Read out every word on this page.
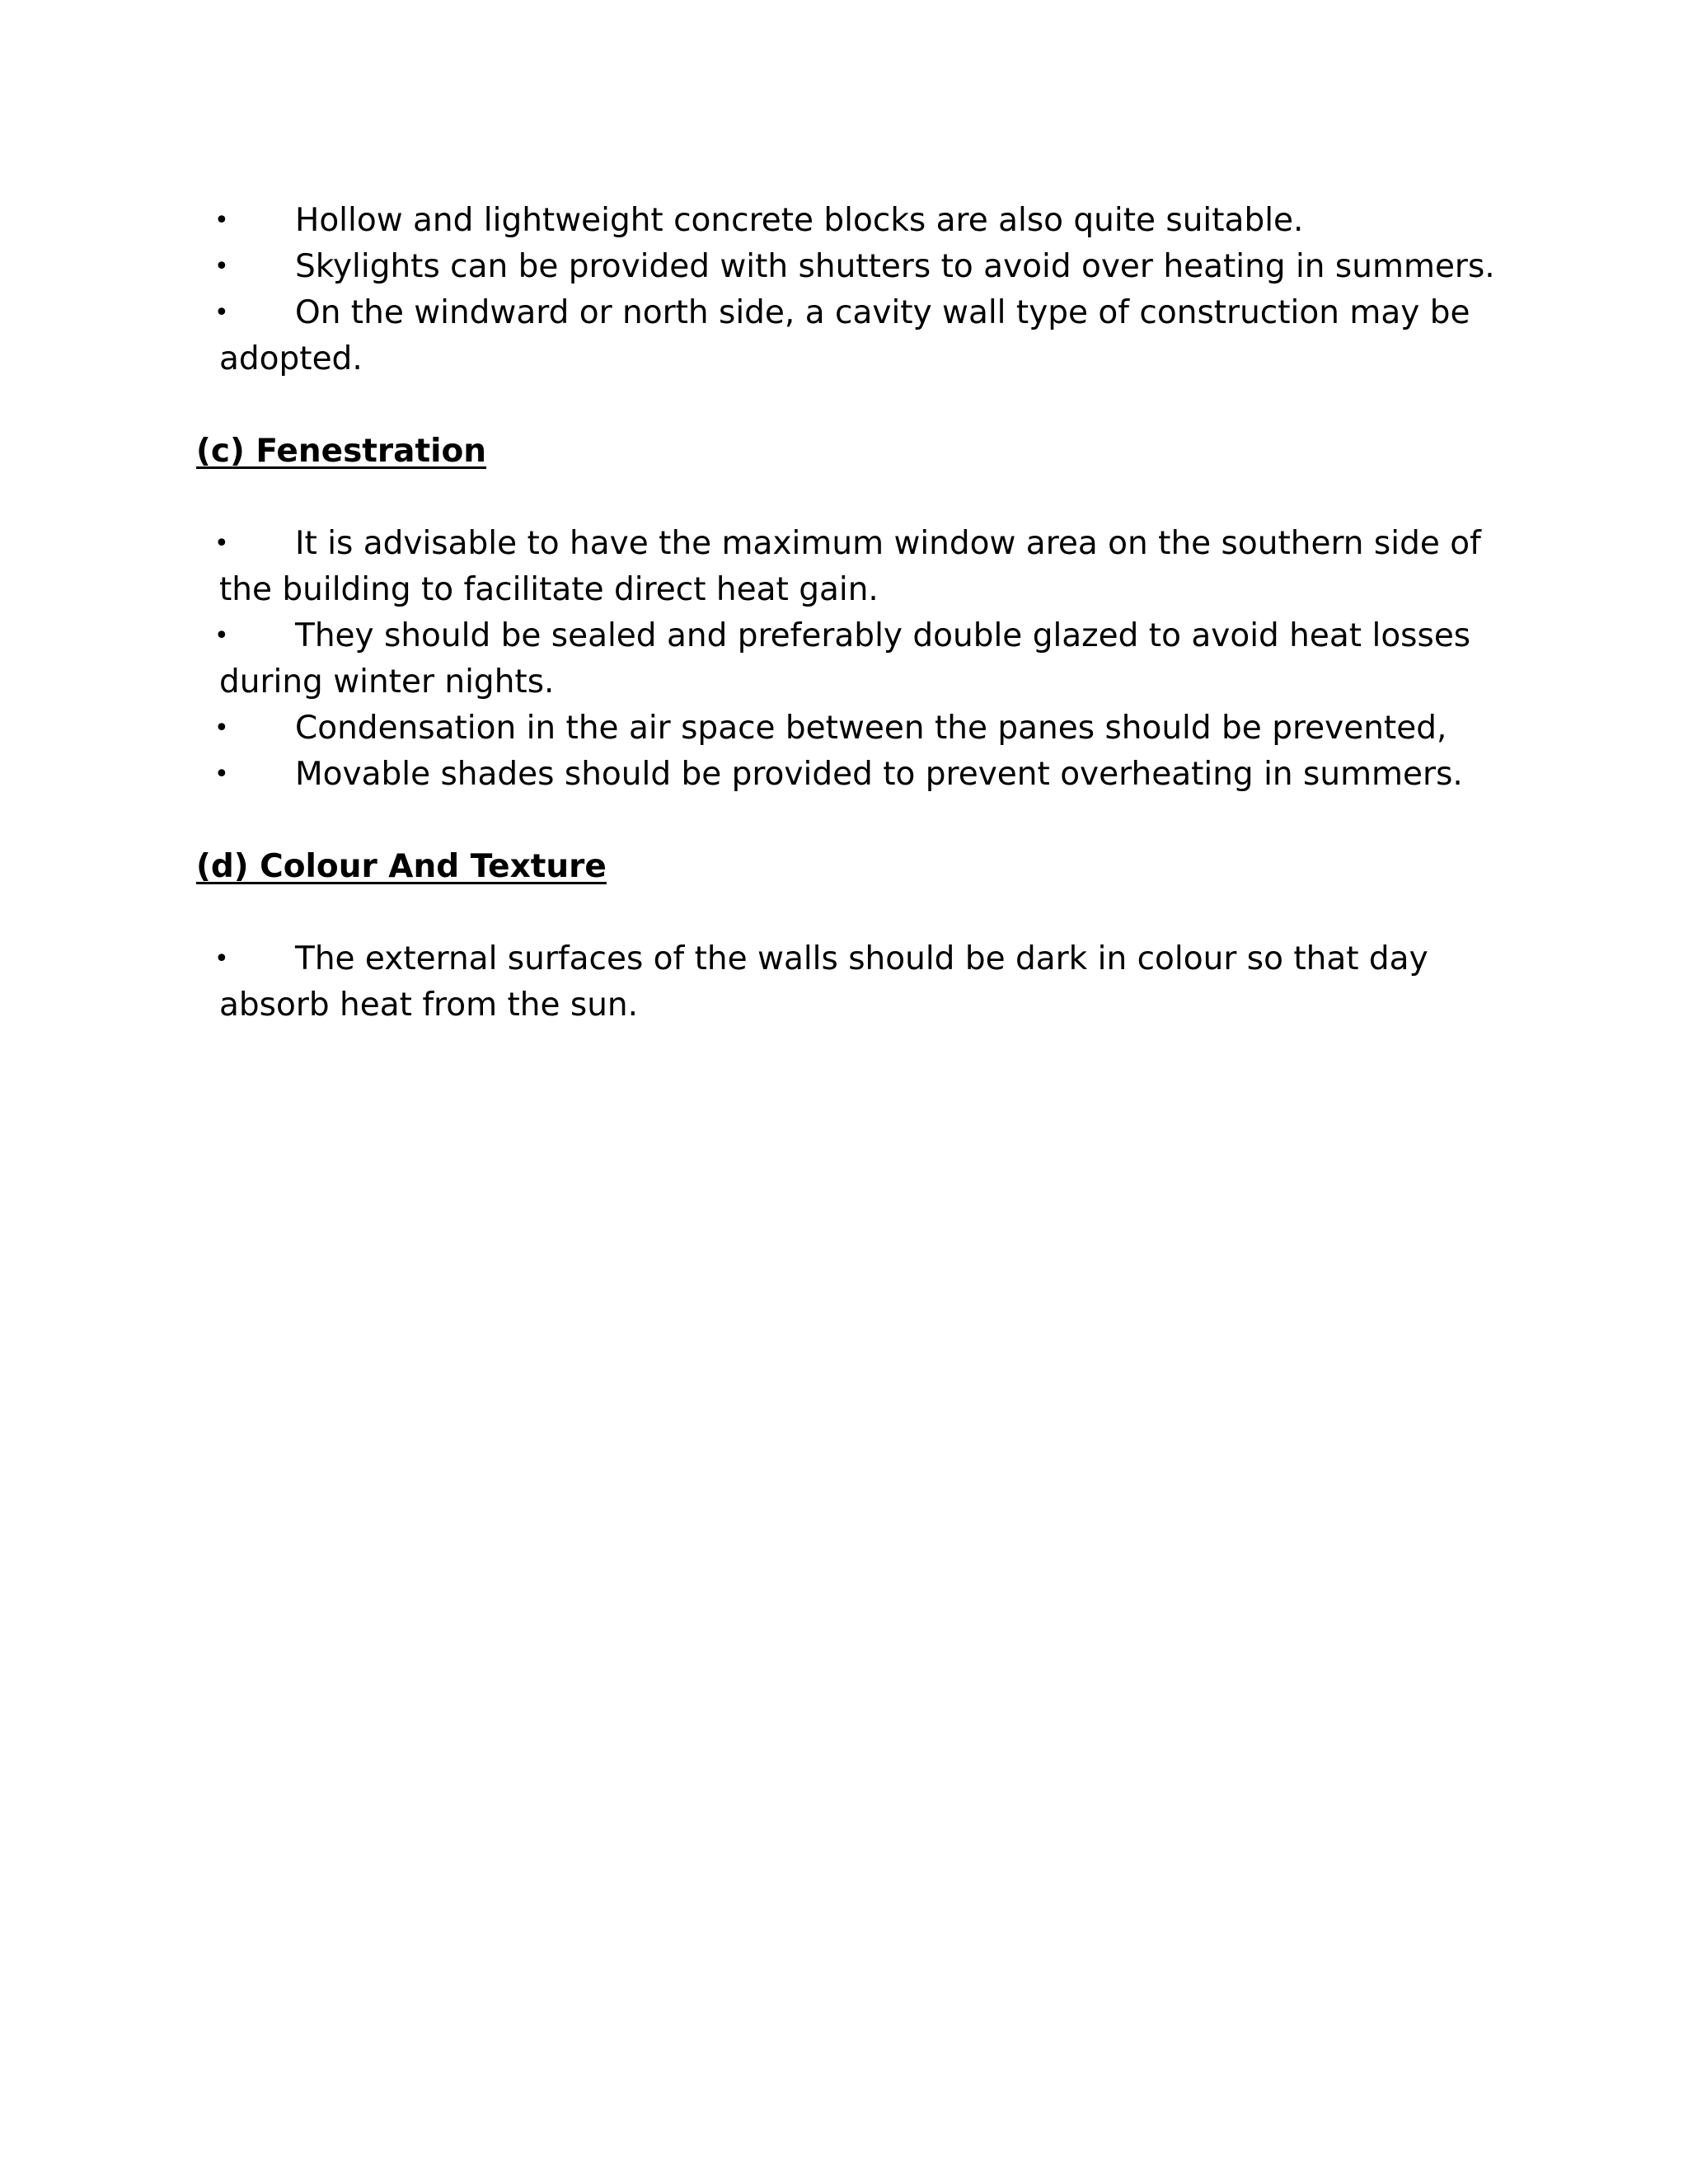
• Hollow and lightweight concrete blocks are also quite suitable.
• Skylights can be provided with shutters to avoid over heating in summers.
• On the windward or north side, a cavity wall type of construction may be adopted.
(c) Fenestration
• It is advisable to have the maximum window area on the southern side of the building to facilitate direct heat gain.
• They should be sealed and preferably double glazed to avoid heat losses during winter nights.
• Condensation in the air space between the panes should be prevented,
• Movable shades should be provided to prevent overheating in summers.
(d) Colour And Texture
• The external surfaces of the walls should be dark in colour so that day absorb heat from the sun.
